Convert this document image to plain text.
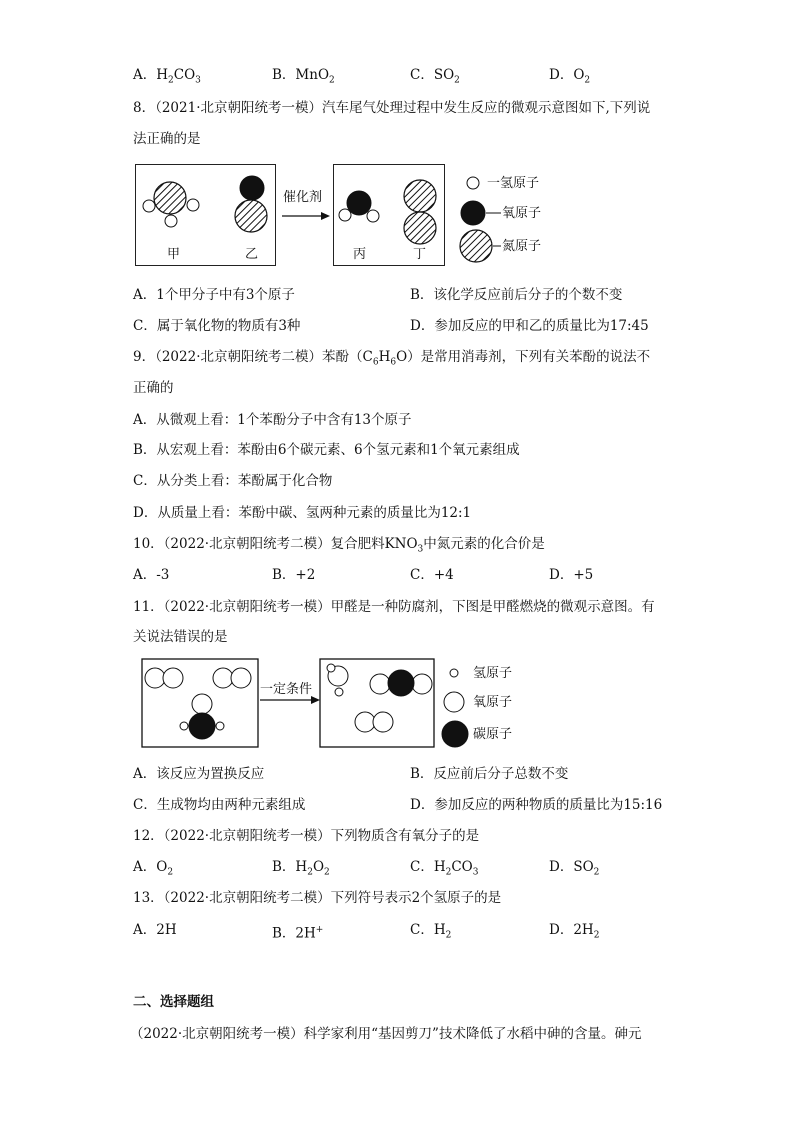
A．$H_2CO_3$	B．MnO$_2$	C．$SO_2$	D．$O_2$
8．（2021·北京朝阳统考一模）汽车尾气处理过程中发生反应的微观示意图如下,下列说
法正确的是
催化剂
甲	乙	丙	丁
一氢原子
氧原子
氮原子
A．1个甲分子中有3个原子	B．该化学反应前后分子的个数不变
C．属于氧化物的物质有3种	D．参加反应的甲和乙的质量比为17:45
9．（2022·北京朝阳统考二模）苯酚$(C_6H_6O)$是常用消毒剂，下列有关苯酚的说法不
正确的
A．从微观上看：1个苯酚分子中含有13个原子
B．从宏观上看：苯酚由6个碳元素、6个氢元素和1个氧元素组成
C．从分类上看：苯酚属于化合物
D．从质量上看：苯酚中碳、氢两种元素的质量比为12:1
10．（2022·北京朝阳统考二模）复合肥料$KNO_3$中氮元素的化合价是
A．-3	B．+2	C．+4	D．+5
11．（2022·北京朝阳统考一模）甲醛是一种防腐剂，下图是甲醛燃烧的微观示意图。有
关说法错误的是
一定条件
氢原子
氧原子
碳原子
A．该反应为置换反应	B．反应前后分子总数不变
C．生成物均由两种元素组成	D．参加反应的两种物质的质量比为15:16
12．（2022·北京朝阳统考一模）下列物质含有氧分子的是
A．$O_2$	B．$H_2O_2$	C．$H_2CO_3$	D．$SO_2$
13．（2022·北京朝阳统考二模）下列符号表示2个氢原子的是
A．2H	B．2H+	C．$H_2$	D．$2H_2$
二、选择题组
（2022·北京朝阳统考一模）科学家利用“基因剪刀”技术降低了水稻中砷的含量。砷元
